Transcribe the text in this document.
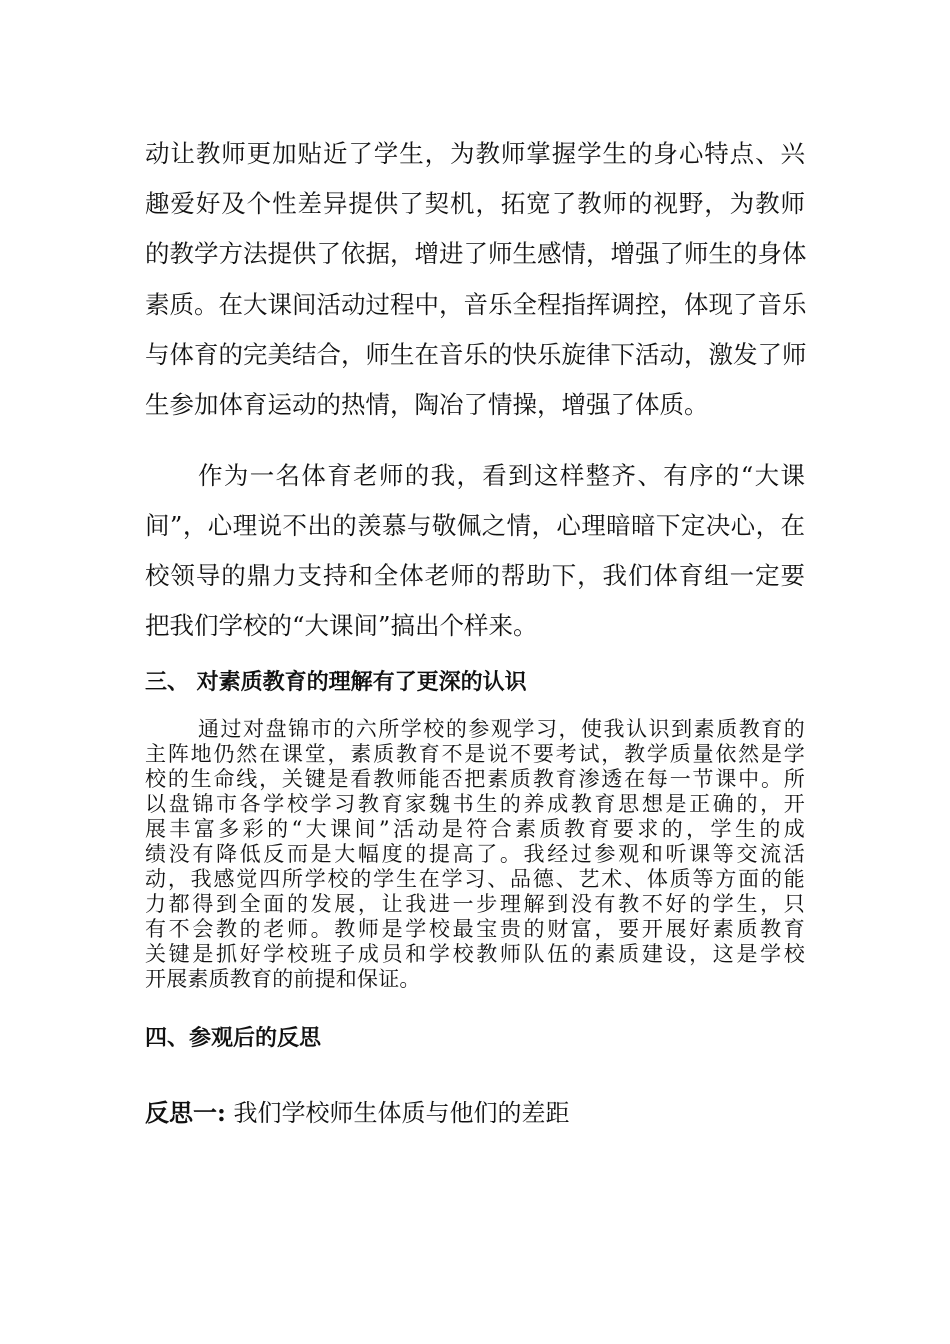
动让教师更加贴近了学生，为教师掌握学生的身心特点、兴
趣爱好及个性差异提供了契机，拓宽了教师的视野，为教师
的教学方法提供了依据，增进了师生感情，增强了师生的身体
素质。在大课间活动过程中，音乐全程指挥调控，体现了音乐
与体育的完美结合，师生在音乐的快乐旋律下活动，激发了师
生参加体育运动的热情，陶冶了情操，增强了体质。
作为一名体育老师的我，看到这样整齐、有序的“大课
间”，心理说不出的羡慕与敬佩之情，心理暗暗下定决心，在
校领导的鼎力支持和全体老师的帮助下，我们体育组一定要
把我们学校的“大课间”搞出个样来。
三、 对素质教育的理解有了更深的认识
通过对盘锦市的六所学校的参观学习，使我认识到素质教育的
主阵地仍然在课堂，素质教育不是说不要考试，教学质量依然是学
校的生命线，关键是看教师能否把素质教育渗透在每一节课中。所
以盘锦市各学校学习教育家魏书生的养成教育思想是正确的，开
展丰富多彩的“大课间”活动是符合素质教育要求的，学生的成
绩没有降低反而是大幅度的提高了。我经过参观和听课等交流活
动，我感觉四所学校的学生在学习、品德、艺术、体质等方面的能
力都得到全面的发展，让我进一步理解到没有教不好的学生，只
有不会教的老师。教师是学校最宝贵的财富，要开展好素质教育
关键是抓好学校班子成员和学校教师队伍的素质建设，这是学校
开展素质教育的前提和保证。
四、参观后的反思
反思一: 我们学校师生体质与他们的差距
